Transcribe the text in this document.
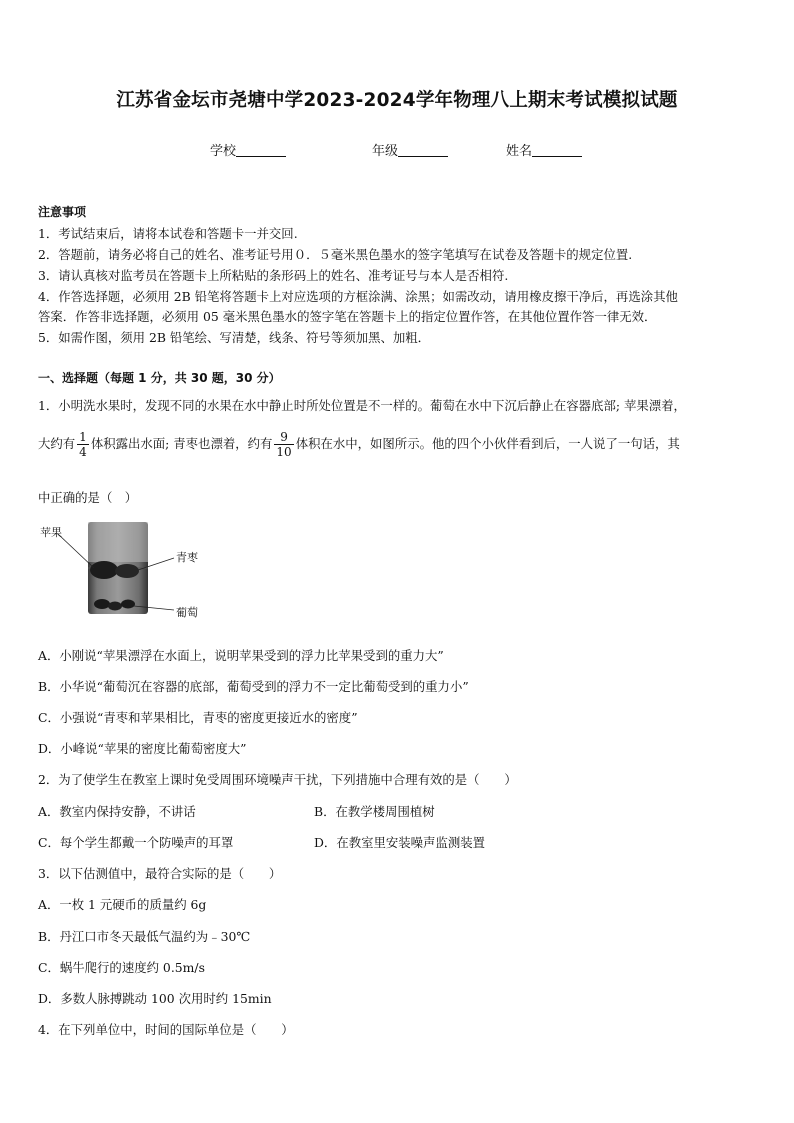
江苏省金坛市尧塘中学2023-2024学年物理八上期末考试模拟试题
学校	年级	姓名
注意事项
1．考试结束后，请将本试卷和答题卡一并交回.
2．答题前，请务必将自己的姓名、准考证号用０．５毫米黑色墨水的签字笔填写在试卷及答题卡的规定位置.
3．请认真核对监考员在答题卡上所粘贴的条形码上的姓名、准考证号与本人是否相符.
4．作答选择题，必须用 2B 铅笔将答题卡上对应选项的方框涂满、涂黑；如需改动，请用橡皮擦干净后，再选涂其他
答案．作答非选择题，必须用 05 毫米黑色墨水的签字笔在答题卡上的指定位置作答，在其他位置作答一律无效．
5．如需作图，须用 2B 铅笔绘、写清楚，线条、符号等须加黑、加粗．
一、选择题（每题 1 分，共 30 题，30 分）
1．小明洗水果时，发现不同的水果在水中静止时所处位置是不一样的。葡萄在水中下沉后静止在容器底部; 苹果漂着，
大约有 $\frac{1}{4}$ 体积露出水面; 青枣也漂着，约有 $\frac{9}{10}$ 体积在水中，如图所示。他的四个小伙伴看到后，一人说了一句话，其
中正确的是（　）
苹果
青枣
葡萄
A．小刚说“苹果漂浮在水面上，说明苹果受到的浮力比苹果受到的重力大”
B．小华说“葡萄沉在容器的底部，葡萄受到的浮力不一定比葡萄受到的重力小”
C．小强说“青枣和苹果相比，青枣的密度更接近水的密度”
D．小峰说“苹果的密度比葡萄密度大”
2．为了使学生在教室上课时免受周围环境噪声干扰，下列措施中合理有效的是（　　）
A．教室内保持安静，不讲话	B．在教学楼周围植树
C．每个学生都戴一个防噪声的耳罩	D．在教室里安装噪声监测装置
3．以下估测值中，最符合实际的是（　　）
A．一枚 1 元硬币的质量约 6g
B．丹江口市冬天最低气温约为﹣30℃
C．蜗牛爬行的速度约 0.5m/s
D．多数人脉搏跳动 100 次用时约 15min
4．在下列单位中，时间的国际单位是（　　）
